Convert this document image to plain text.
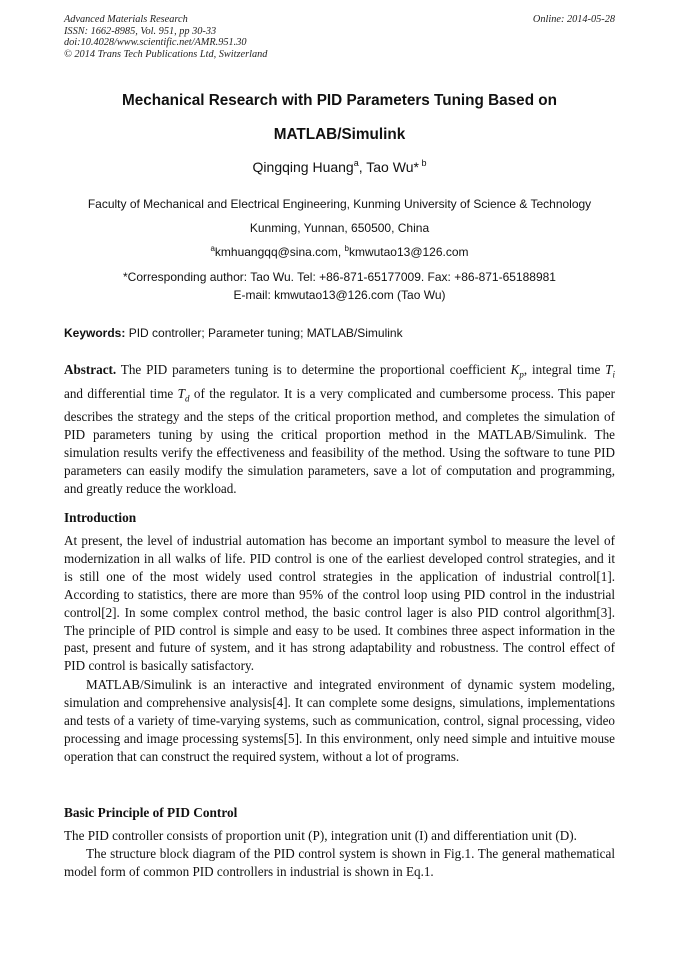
Advanced Materials Research
ISSN: 1662-8985, Vol. 951, pp 30-33
doi:10.4028/www.scientific.net/AMR.951.30
© 2014 Trans Tech Publications Ltd, Switzerland
Online: 2014-05-28
Mechanical Research with PID Parameters Tuning Based on
MATLAB/Simulink
Qingqing Huang$^a$, Tao Wu* $^b$
Faculty of Mechanical and Electrical Engineering, Kunming University of Science & Technology
Kunming, Yunnan, 650500, China
$^a$kmhuangqq@sina.com, $^b$kmwutao13@126.com
*Corresponding author: Tao Wu. Tel: +86-871-65177009. Fax: +86-871-65188981
E-mail: kmwutao13@126.com (Tao Wu)
Keywords: PID controller; Parameter tuning; MATLAB/Simulink
Abstract. The PID parameters tuning is to determine the proportional coefficient $K_p$, integral time $T_i$ and differential time $T_d$ of the regulator. It is a very complicated and cumbersome process. This paper describes the strategy and the steps of the critical proportion method, and completes the simulation of PID parameters tuning by using the critical proportion method in the MATLAB/Simulink. The simulation results verify the effectiveness and feasibility of the method. Using the software to tune PID parameters can easily modify the simulation parameters, save a lot of computation and programming, and greatly reduce the workload.
Introduction
At present, the level of industrial automation has become an important symbol to measure the level of modernization in all walks of life. PID control is one of the earliest developed control strategies, and it is still one of the most widely used control strategies in the application of industrial control[1]. According to statistics, there are more than 95% of the control loop using PID control in the industrial control[2]. In some complex control method, the basic control lager is also PID control algorithm[3]. The principle of PID control is simple and easy to be used. It combines three aspect information in the past, present and future of system, and it has strong adaptability and robustness. The control effect of PID control is basically satisfactory.
MATLAB/Simulink is an interactive and integrated environment of dynamic system modeling, simulation and comprehensive analysis[4]. It can complete some designs, simulations, implementations and tests of a variety of time-varying systems, such as communication, control, signal processing, video processing and image processing systems[5]. In this environment, only need simple and intuitive mouse operation that can construct the required system, without a lot of programs.
Basic Principle of PID Control
The PID controller consists of proportion unit (P), integration unit (I) and differentiation unit (D).
The structure block diagram of the PID control system is shown in Fig.1. The general mathematical model form of common PID controllers in industrial is shown in Eq.1.
